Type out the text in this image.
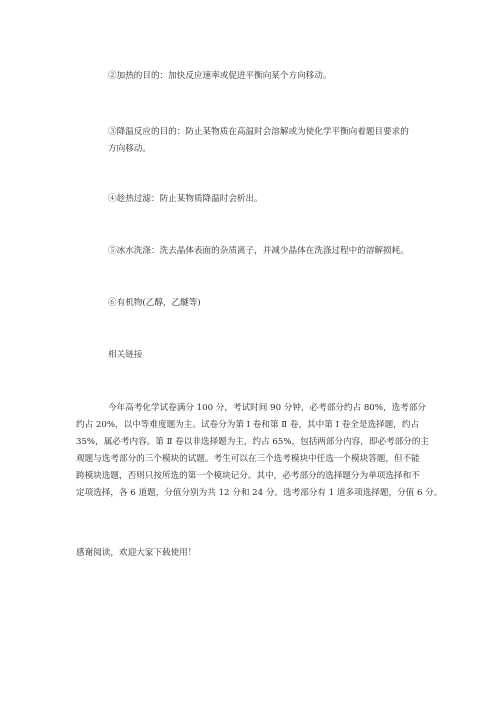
②加热的目的：加快反应速率或促进平衡向某个方向移动。

③降温反应的目的：防止某物质在高温时会溶解或为使化学平衡向着题目要求的
方向移动。

④趁热过滤：防止某物质降温时会析出。

⑤冰水洗涤：洗去晶体表面的杂质离子，并减少晶体在洗涤过程中的溶解损耗。

⑥有机物(乙醇，乙醚等)

相关链接

今年高考化学试卷满分 100 分，考试时间 90 分钟，必考部分约占 80%，选考部分
约占 20%，以中等难度题为主。试卷分为第 Ⅰ 卷和第 Ⅱ 卷，其中第 Ⅰ 卷全是选择题，约占
35%，属必考内容。第 Ⅱ 卷以非选择题为主，约占 65%，包括两部分内容，即必考部分的主
观题与选考部分的三个模块的试题。考生可以在三个选考模块中任选一个模块答题，但不能
跨模块选题，否则只按所选的第一个模块记分。其中，必考部分的选择题分为单项选择和不
定项选择，各 6 道题，分值分别为共 12 分和 24 分。选考部分有 1 道多项选择题，分值 6 分。

感谢阅读，欢迎大家下载使用！
